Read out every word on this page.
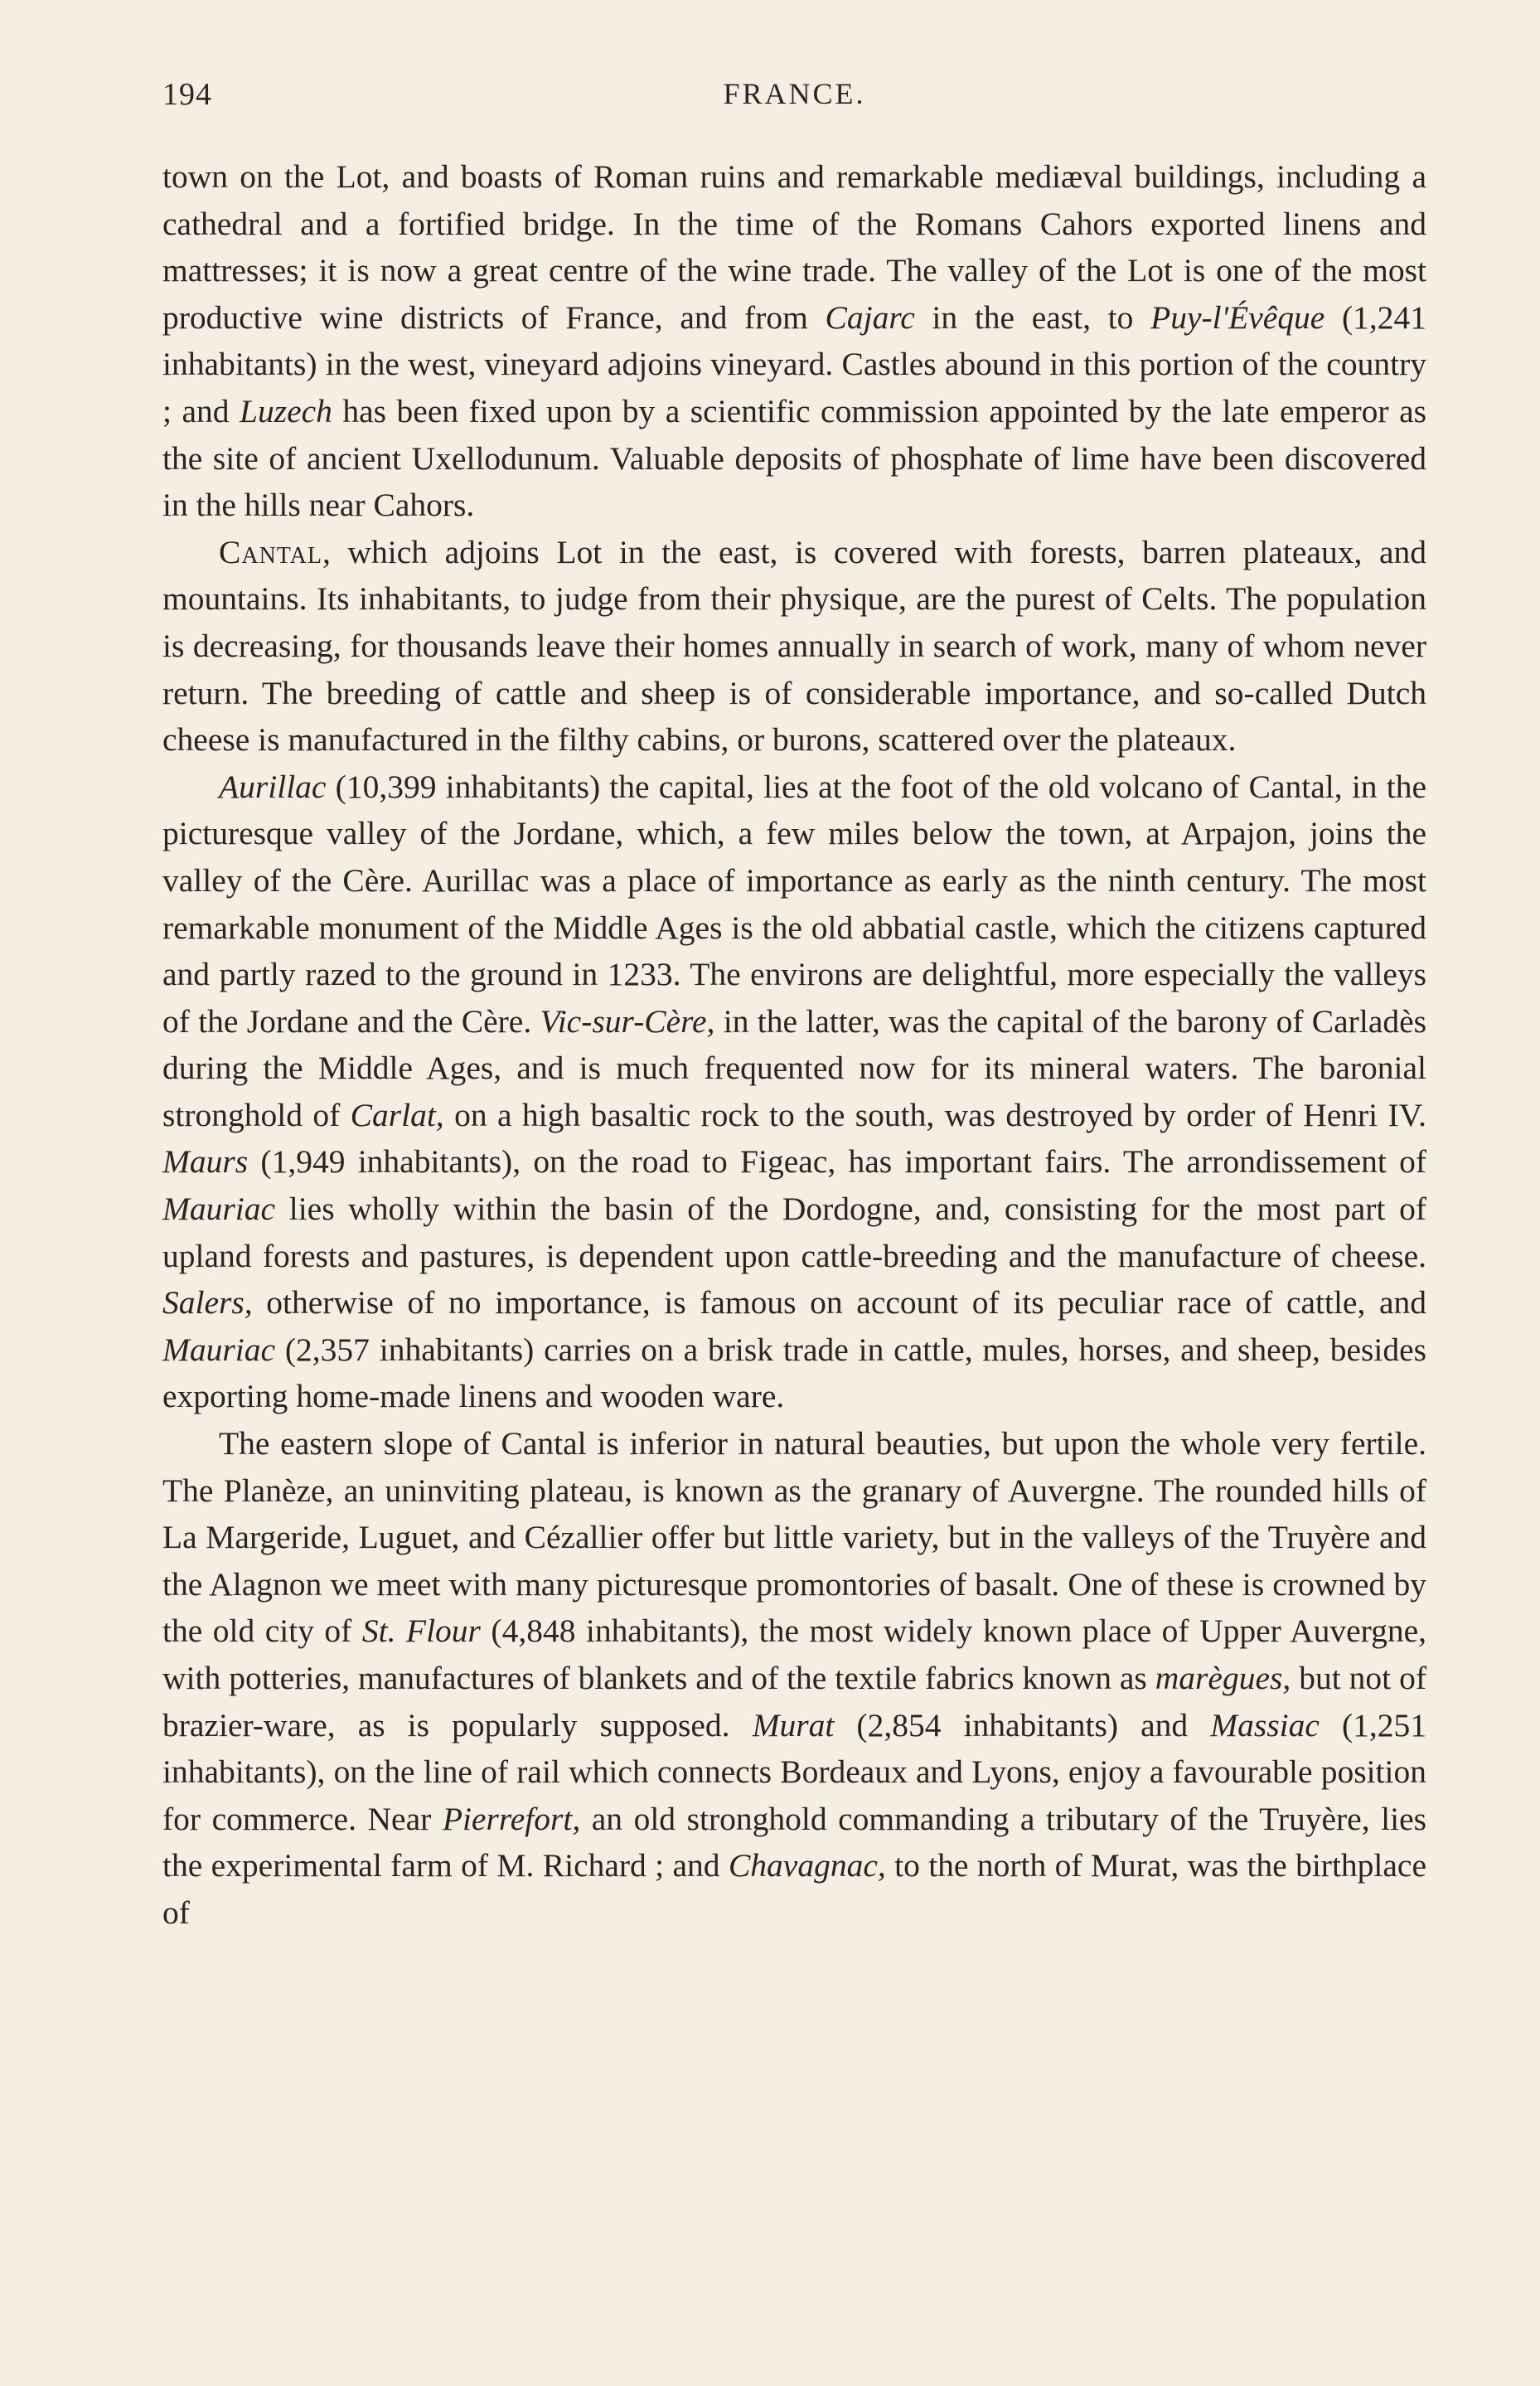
194	FRANCE.

town on the Lot, and boasts of Roman ruins and remarkable mediæval buildings, including a cathedral and a fortified bridge. In the time of the Romans Cahors exported linens and mattresses; it is now a great centre of the wine trade. The valley of the Lot is one of the most productive wine districts of France, and from Cajarc in the east, to Puy-l'Évêque (1,241 inhabitants) in the west, vineyard adjoins vineyard. Castles abound in this portion of the country ; and Luzech has been fixed upon by a scientific commission appointed by the late emperor as the site of ancient Uxellodunum. Valuable deposits of phosphate of lime have been discovered in the hills near Cahors.

Cantal, which adjoins Lot in the east, is covered with forests, barren plateaux, and mountains. Its inhabitants, to judge from their physique, are the purest of Celts. The population is decreasing, for thousands leave their homes annually in search of work, many of whom never return. The breeding of cattle and sheep is of considerable importance, and so-called Dutch cheese is manufactured in the filthy cabins, or burons, scattered over the plateaux.

Aurillac (10,399 inhabitants) the capital, lies at the foot of the old volcano of Cantal, in the picturesque valley of the Jordane, which, a few miles below the town, at Arpajon, joins the valley of the Cère. Aurillac was a place of importance as early as the ninth century. The most remarkable monument of the Middle Ages is the old abbatial castle, which the citizens captured and partly razed to the ground in 1233. The environs are delightful, more especially the valleys of the Jordane and the Cère. Vic-sur-Cère, in the latter, was the capital of the barony of Carladès during the Middle Ages, and is much frequented now for its mineral waters. The baronial stronghold of Carlat, on a high basaltic rock to the south, was destroyed by order of Henri IV. Maurs (1,949 inhabitants), on the road to Figeac, has important fairs. The arrondissement of Mauriac lies wholly within the basin of the Dordogne, and, consisting for the most part of upland forests and pastures, is dependent upon cattle-breeding and the manufacture of cheese. Salers, otherwise of no importance, is famous on account of its peculiar race of cattle, and Mauriac (2,357 inhabitants) carries on a brisk trade in cattle, mules, horses, and sheep, besides exporting home-made linens and wooden ware.

The eastern slope of Cantal is inferior in natural beauties, but upon the whole very fertile. The Planèze, an uninviting plateau, is known as the granary of Auvergne. The rounded hills of La Margeride, Luguet, and Cézallier offer but little variety, but in the valleys of the Truyère and the Alagnon we meet with many picturesque promontories of basalt. One of these is crowned by the old city of St. Flour (4,848 inhabitants), the most widely known place of Upper Auvergne, with potteries, manufactures of blankets and of the textile fabrics known as marègues, but not of brazier-ware, as is popularly supposed. Murat (2,854 inhabitants) and Massiac (1,251 inhabitants), on the line of rail which connects Bordeaux and Lyons, enjoy a favourable position for commerce. Near Pierrefort, an old stronghold commanding a tributary of the Truyère, lies the experimental farm of M. Richard ; and Chavagnac, to the north of Murat, was the birthplace of
